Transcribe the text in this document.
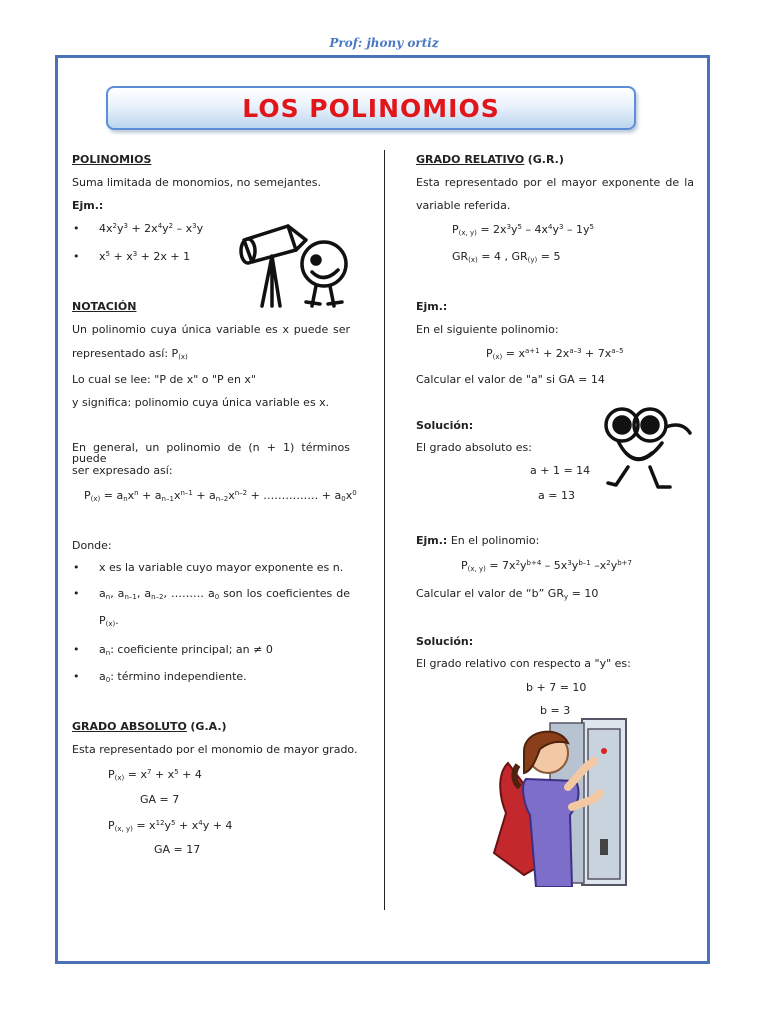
Prof: jhony ortiz
LOS POLINOMIOS
POLINOMIOS
Suma limitada de monomios, no semejantes.
Ejm.:
• $4x^2y^3 + 2x^4y^2 - x^3y$
• $x^5 + x^3 + 2x + 1$
NOTACIÓN
Un polinomio cuya única variable es x puede ser
representado así: $P_{(x)}$
Lo cual se lee: "P de x" o "P en x"
y significa: polinomio cuya única variable es x.
En general, un polinomio de (n + 1) términos puede
ser expresado así:
$P_{(x)} = a_nx^n + a_{n-1}x^{n-1} + a_{n-2}x^{n-2}$ + …………… + $a_0x^0$
Donde:
• x es la variable cuyo mayor exponente es n.
• $a_n$, $a_{n-1}$, $a_{n-2}$, ……… $a_0$ son los coeficientes de
$P_{(x)}$.
• $a_n$: coeficiente principal; an ≠ 0
• $a_0$: término independiente.
GRADO ABSOLUTO (G.A.)
Esta representado por el monomio de mayor grado.
$P_{(x)} = x^7 + x^5 + 4$
GA = 7
$P_{(x, y)} = x^{12}y^5 + x^4y + 4$
GA = 17
GRADO RELATIVO (G.R.)
Esta representado por el mayor exponente de la
variable referida.
$P_{(x, y)} = 2x^3y^5 - 4x^4y^3 - 1y^5$
$GR_{(x)} = 4$ , $GR_{(y)} = 5$
Ejm.:
En el siguiente polinomio:
$P_{(x)} = x^{a+1} + 2x^{a-3} + 7x^{a-5}$
Calcular el valor de "a" si GA = 14
Solución:
El grado absoluto es:
a + 1 = 14
a = 13
Ejm.: En el polinomio:
$P_{(x, y)} = 7x^2y^{b+4} - 5x^3y^{b-1}$ $-x^2y^{b+7}$
Calcular el valor de “b” $GR_y = 10$
Solución:
El grado relativo con respecto a "y" es:
b + 7 = 10
b = 3
